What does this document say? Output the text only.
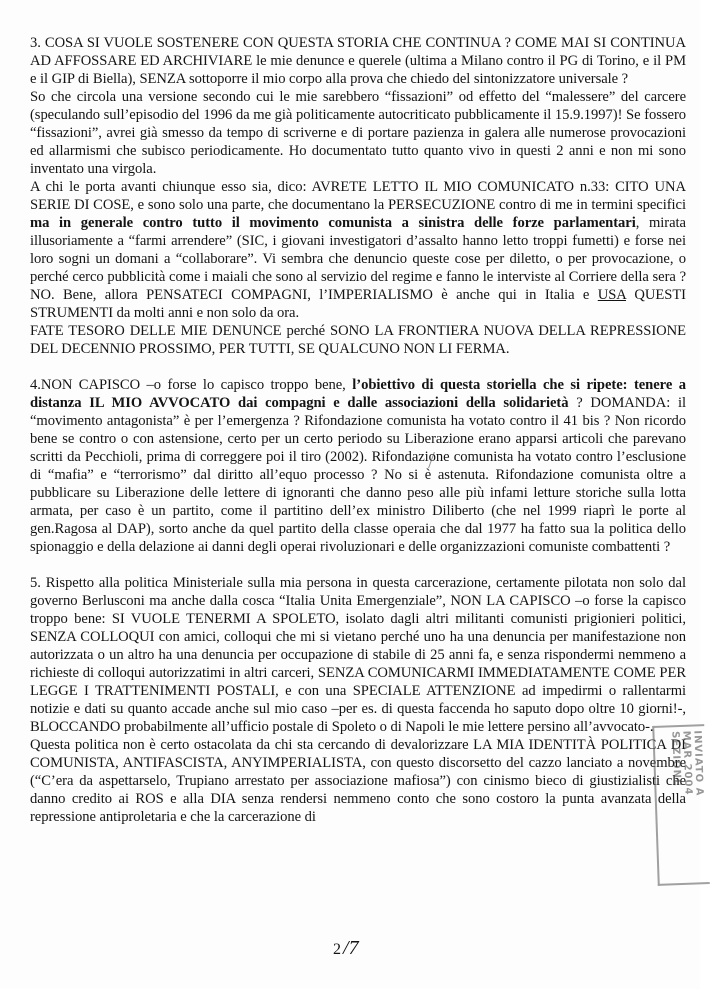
3. COSA SI VUOLE SOSTENERE CON QUESTA STORIA CHE CONTINUA ? COME MAI SI CONTINUA AD AFFOSSARE ED ARCHIVIARE le mie denunce e querele (ultima a Milano contro il PG di Torino, e il PM e il GIP di Biella), SENZA sottoporre il mio corpo alla prova che chiedo del sintonizzatore universale ?

So che circola una versione secondo cui le mie sarebbero “fissazioni” od effetto del “malessere” del carcere (speculando sull’episodio del 1996 da me già politicamente autocriticato pubblicamente il 15.9.1997)! Se fossero “fissazioni”, avrei già smesso da tempo di scriverne e di portare pazienza in galera alle numerose provocazioni ed allarmismi che subisco periodicamente. Ho documentato tutto quanto vivo in questi 2 anni e non mi sono inventato una virgola.

A chi le porta avanti chiunque esso sia, dico: AVRETE LETTO IL MIO COMUNICATO n.33: CITO UNA SERIE DI COSE, e sono solo una parte, che documentano la PERSECUZIONE contro di me in termini specifici ma in generale contro tutto il movimento comunista a sinistra delle forze parlamentari, mirata illusoriamente a “farmi arrendere” (SIC, i giovani investigatori d’assalto hanno letto troppi fumetti) e forse nei loro sogni un domani a “collaborare”. Vi sembra che denuncio queste cose per diletto, o per provocazione, o perché cerco pubblicità come i maiali che sono al servizio del regime e fanno le interviste al Corriere della sera ? NO. Bene, allora PENSATECI COMPAGNI, l’IMPERIALISMO è anche qui in Italia e USA QUESTI STRUMENTI da molti anni e non solo da ora.

FATE TESORO DELLE MIE DENUNCE perché SONO LA FRONTIERA NUOVA DELLA REPRESSIONE DEL DECENNIO PROSSIMO, PER TUTTI, SE QUALCUNO NON LI FERMA.

4.NON CAPISCO –o forse lo capisco troppo bene, l’obiettivo di questa storiella che si ripete: tenere a distanza IL MIO AVVOCATO dai compagni e dalle associazioni della solidarietà ? DOMANDA: il “movimento antagonista” è per l’emergenza ? Rifondazione comunista ha votato contro il 41 bis ? Non ricordo bene se contro o con astensione, certo per un certo periodo su Liberazione erano apparsi articoli che parevano scritti da Pecchioli, prima di correggere poi il tiro (2002). Rifondazione comunista ha votato contro l’esclusione di “mafia” e “terrorismo” dal diritto all’equo processo ? No si è astenuta. Rifondazione comunista oltre a pubblicare su Liberazione delle lettere di ignoranti che danno peso alle più infami letture storiche sulla lotta armata, per caso è un partito, come il partitino dell’ex ministro Diliberto (che nel 1999 riaprì le porte al gen.Ragosa al DAP), sorto anche da quel partito della classe operaia che dal 1977 ha fatto sua la politica dello spionaggio e della delazione ai danni degli operai rivoluzionari e delle organizzazioni comuniste combattenti ?

5. Rispetto alla politica Ministeriale sulla mia persona in questa carcerazione, certamente pilotata non solo dal governo Berlusconi ma anche dalla cosca “Italia Unita Emergenziale”, NON LA CAPISCO –o forse la capisco troppo bene: SI VUOLE TENERMI A SPOLETO, isolato dagli altri militanti comunisti prigionieri politici, SENZA COLLOQUI con amici, colloqui che mi si vietano perché uno ha una denuncia per manifestazione non autorizzata o un altro ha una denuncia per occupazione di stabile di 25 anni fa, e senza rispondermi nemmeno a richieste di colloqui autorizzatimi in altri carceri, SENZA COMUNICARMI IMMEDIATAMENTE COME PER LEGGE I TRATTENIMENTI POSTALI, e con una SPECIALE ATTENZIONE ad impedirmi o rallentarmi notizie e dati su quanto accade anche sul mio caso –per es. di questa faccenda ho saputo dopo oltre 10 giorni!-, BLOCCANDO probabilmente all’ufficio postale di Spoleto o di Napoli le mie lettere persino all’avvocato-.

Questa politica non è certo ostacolata da chi sta cercando di devalorizzare LA MIA IDENTITÀ POLITICA DI COMUNISTA, ANTIFASCISTA, ANYIMPERIALISTA, con questo discorsetto del cazzo lanciato a novembre (“C’era da aspettarselo, Trupiano arrestato per associazione mafiosa”) con cinismo bieco di giustizialisti che danno credito ai ROS e alla DIA senza rendersi nemmeno conto che sono costoro la punta avanzata della repressione antiproletaria e che la carcerazione di

INVIATO A
MAR 2004
SEZIONE
2 /7
